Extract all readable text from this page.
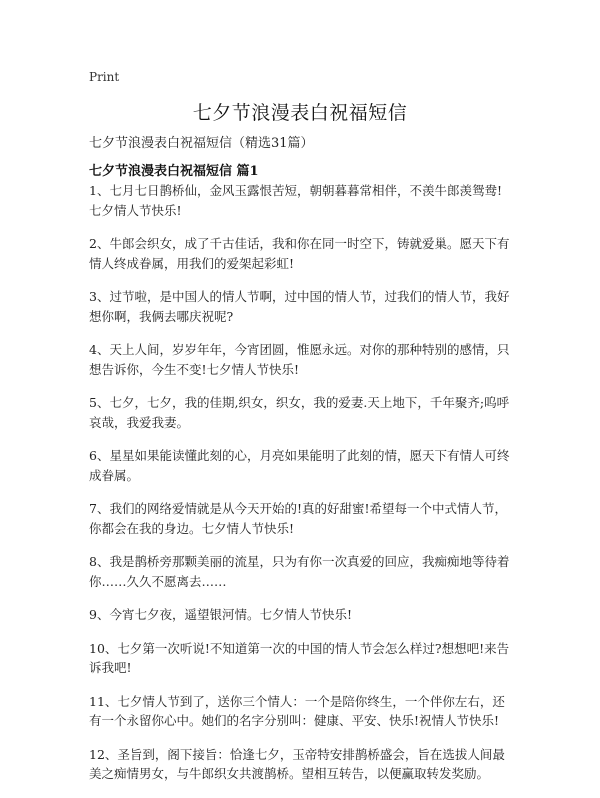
Print
七夕节浪漫表白祝福短信
七夕节浪漫表白祝福短信（精选31篇）
七夕节浪漫表白祝福短信 篇1

1、七月七日鹊桥仙，金风玉露恨苦短，朝朝暮暮常相伴，不羡牛郎羡鸳鸯!七夕情人节快乐!

2、牛郎会织女，成了千古佳话，我和你在同一时空下，铸就爱巢。愿天下有情人终成眷属，用我们的爱架起彩虹!

3、过节啦，是中国人的情人节啊，过中国的情人节，过我们的情人节，我好想你啊，我俩去哪庆祝呢?

4、天上人间，岁岁年年，今宵团圆，惟愿永远。对你的那种特别的感情，只想告诉你，今生不变!七夕情人节快乐!

5、七夕，七夕，我的佳期,织女，织女，我的爱妻.天上地下，千年聚齐;呜呼哀哉，我爱我妻。

6、星星如果能读懂此刻的心，月亮如果能明了此刻的情，愿天下有情人可终成眷属。

7、我们的网络爱情就是从今天开始的!真的好甜蜜!希望每一个中式情人节，你都会在我的身边。七夕情人节快乐!

8、我是鹊桥旁那颗美丽的流星，只为有你一次真爱的回应，我痴痴地等待着你……久久不愿离去……

9、今宵七夕夜，遥望银河情。七夕情人节快乐!

10、七夕第一次听说!不知道第一次的中国的情人节会怎么样过?想想吧!来告诉我吧!

11、七夕情人节到了，送你三个情人：一个是陪你终生，一个伴你左右，还有一个永留你心中。她们的名字分别叫：健康、平安、快乐!祝情人节快乐!

12、圣旨到，阁下接旨：恰逢七夕，玉帝特安排鹊桥盛会，旨在选拔人间最美之痴情男女，与牛郎织女共渡鹊桥。望相互转告，以便赢取转发奖励。
